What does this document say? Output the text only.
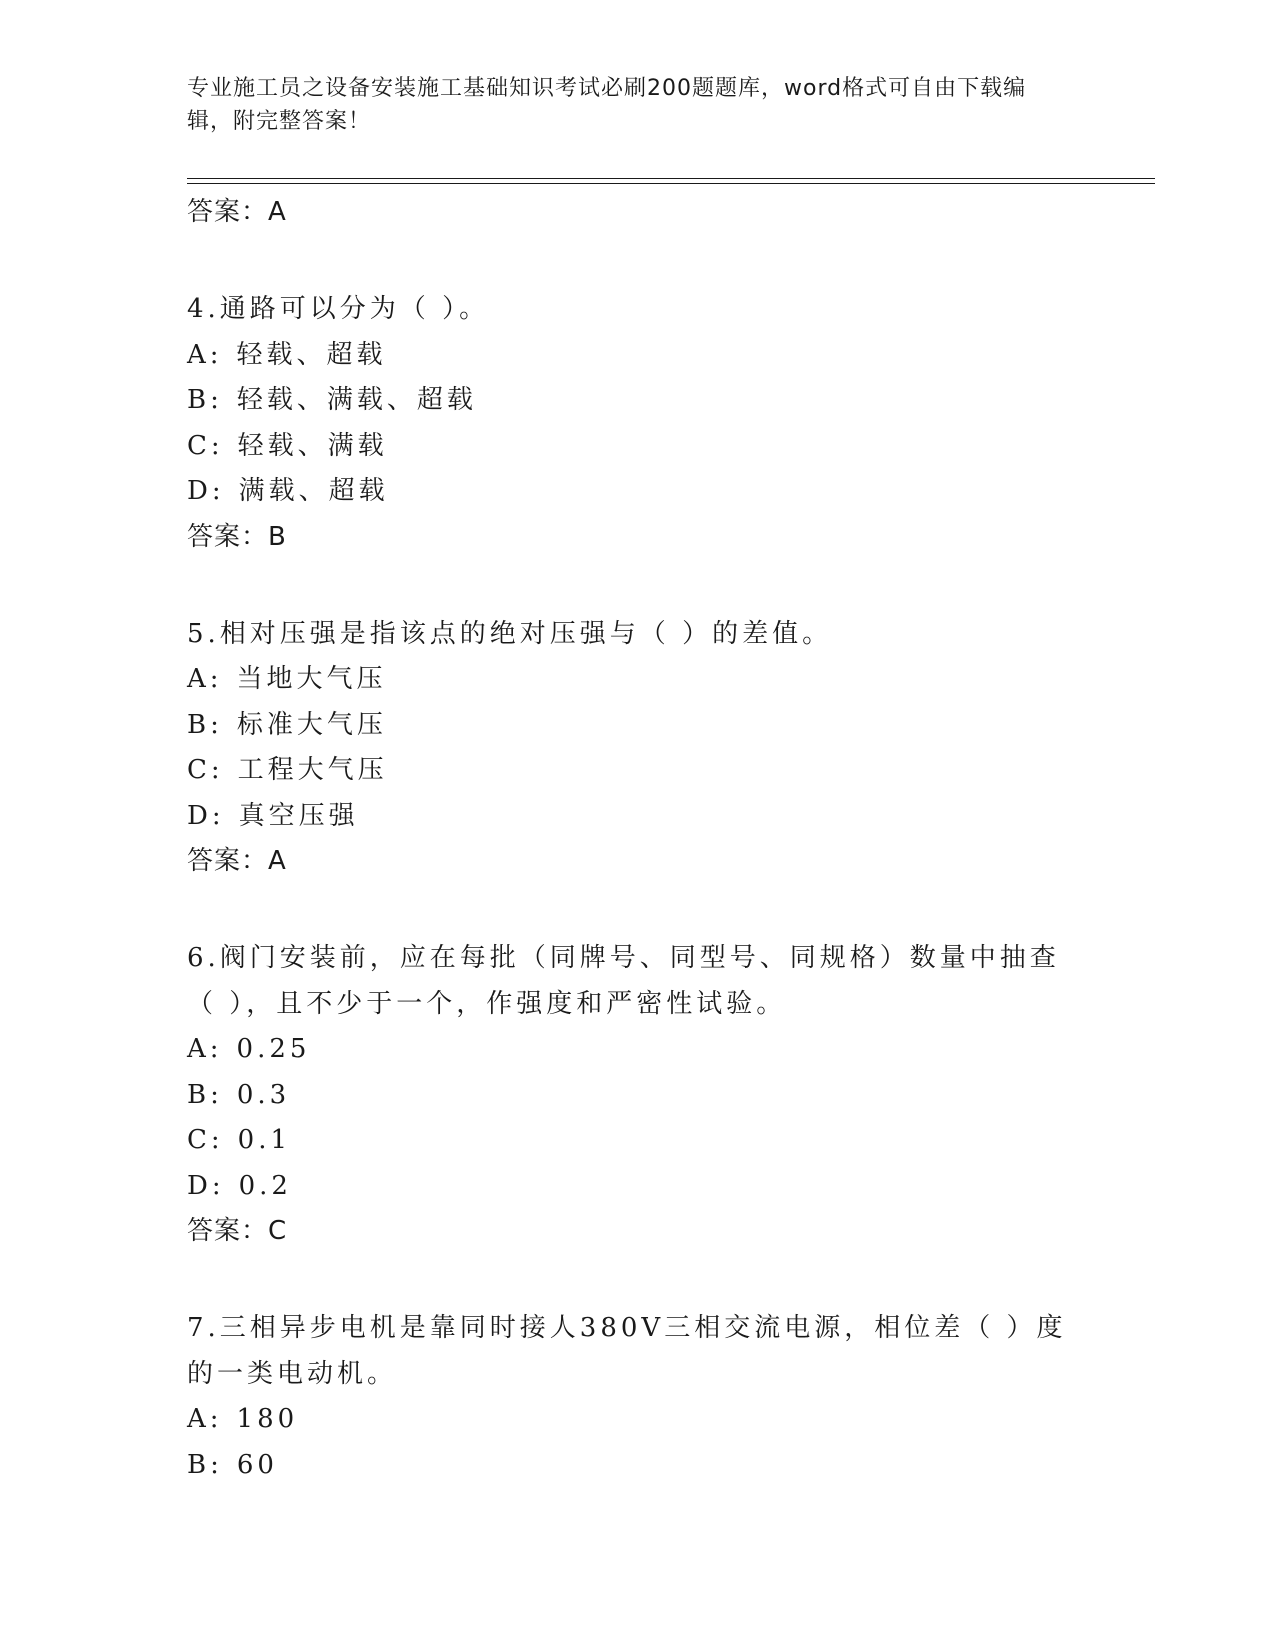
专业施工员之设备安装施工基础知识考试必刷200题题库，word格式可自由下载编辑，附完整答案！
答案：A
4.通路可以分为（ ）。
A: 轻载、超载
B: 轻载、满载、超载
C: 轻载、满载
D: 满载、超载
答案：B
5.相对压强是指该点的绝对压强与（ ）的差值。
A: 当地大气压
B: 标准大气压
C: 工程大气压
D: 真空压强
答案：A
6.阀门安装前，应在每批（同牌号、同型号、同规格）数量中抽查（ ），且不少于一个，作强度和严密性试验。
A: 0.25
B: 0.3
C: 0.1
D: 0.2
答案：C
7.三相异步电机是靠同时接人380V三相交流电源，相位差（ ）度的一类电动机。
A: 180
B: 60
